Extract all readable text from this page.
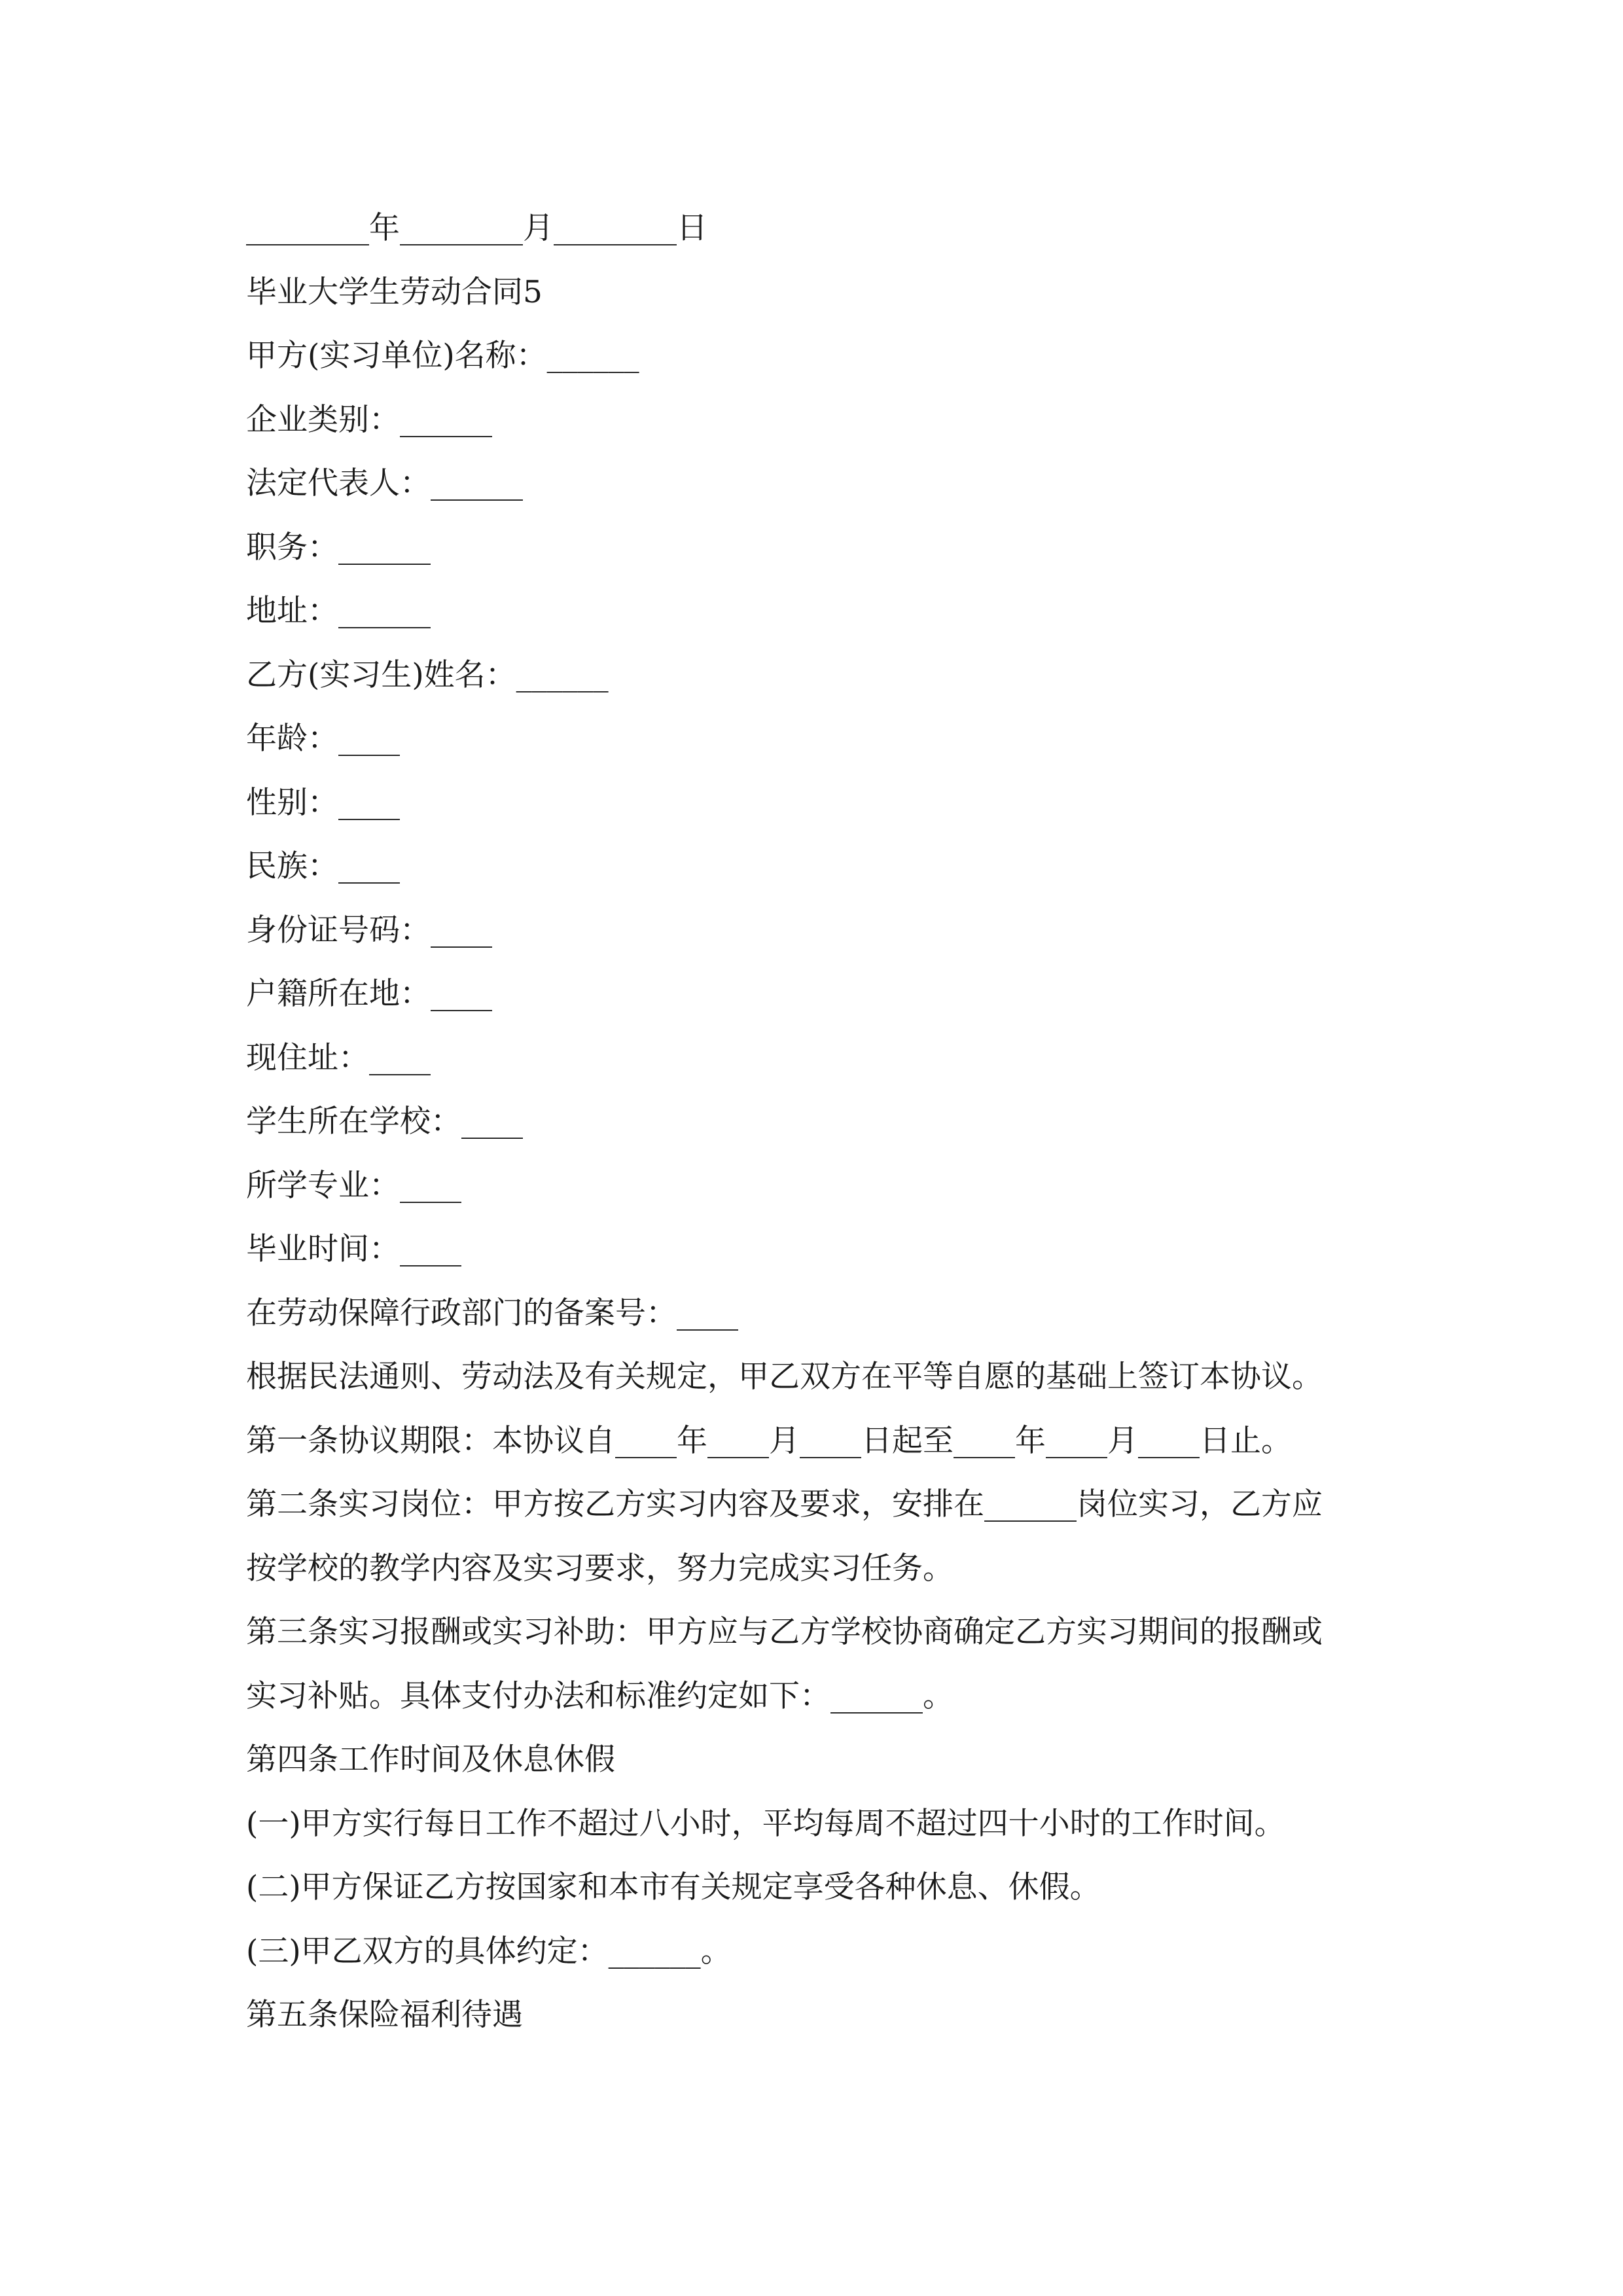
________年________月________日
毕业大学生劳动合同5
甲方(实习单位)名称：______
企业类别：______
法定代表人：______
职务：______
地址：______
乙方(实习生)姓名：______
年龄：____
性别：____
民族：____
身份证号码：____
户籍所在地：____
现住址：____
学生所在学校：____
所学专业：____
毕业时间：____
在劳动保障行政部门的备案号：____
根据民法通则、劳动法及有关规定，甲乙双方在平等自愿的基础上签订本协议。
第一条协议期限：本协议自____年____月____日起至____年____月____日止。
第二条实习岗位：甲方按乙方实习内容及要求，安排在______岗位实习，乙方应
按学校的教学内容及实习要求，努力完成实习任务。
第三条实习报酬或实习补助：甲方应与乙方学校协商确定乙方实习期间的报酬或
实习补贴。具体支付办法和标准约定如下：______。
第四条工作时间及休息休假
(一)甲方实行每日工作不超过八小时，平均每周不超过四十小时的工作时间。
(二)甲方保证乙方按国家和本市有关规定享受各种休息、休假。
(三)甲乙双方的具体约定：______。
第五条保险福利待遇
